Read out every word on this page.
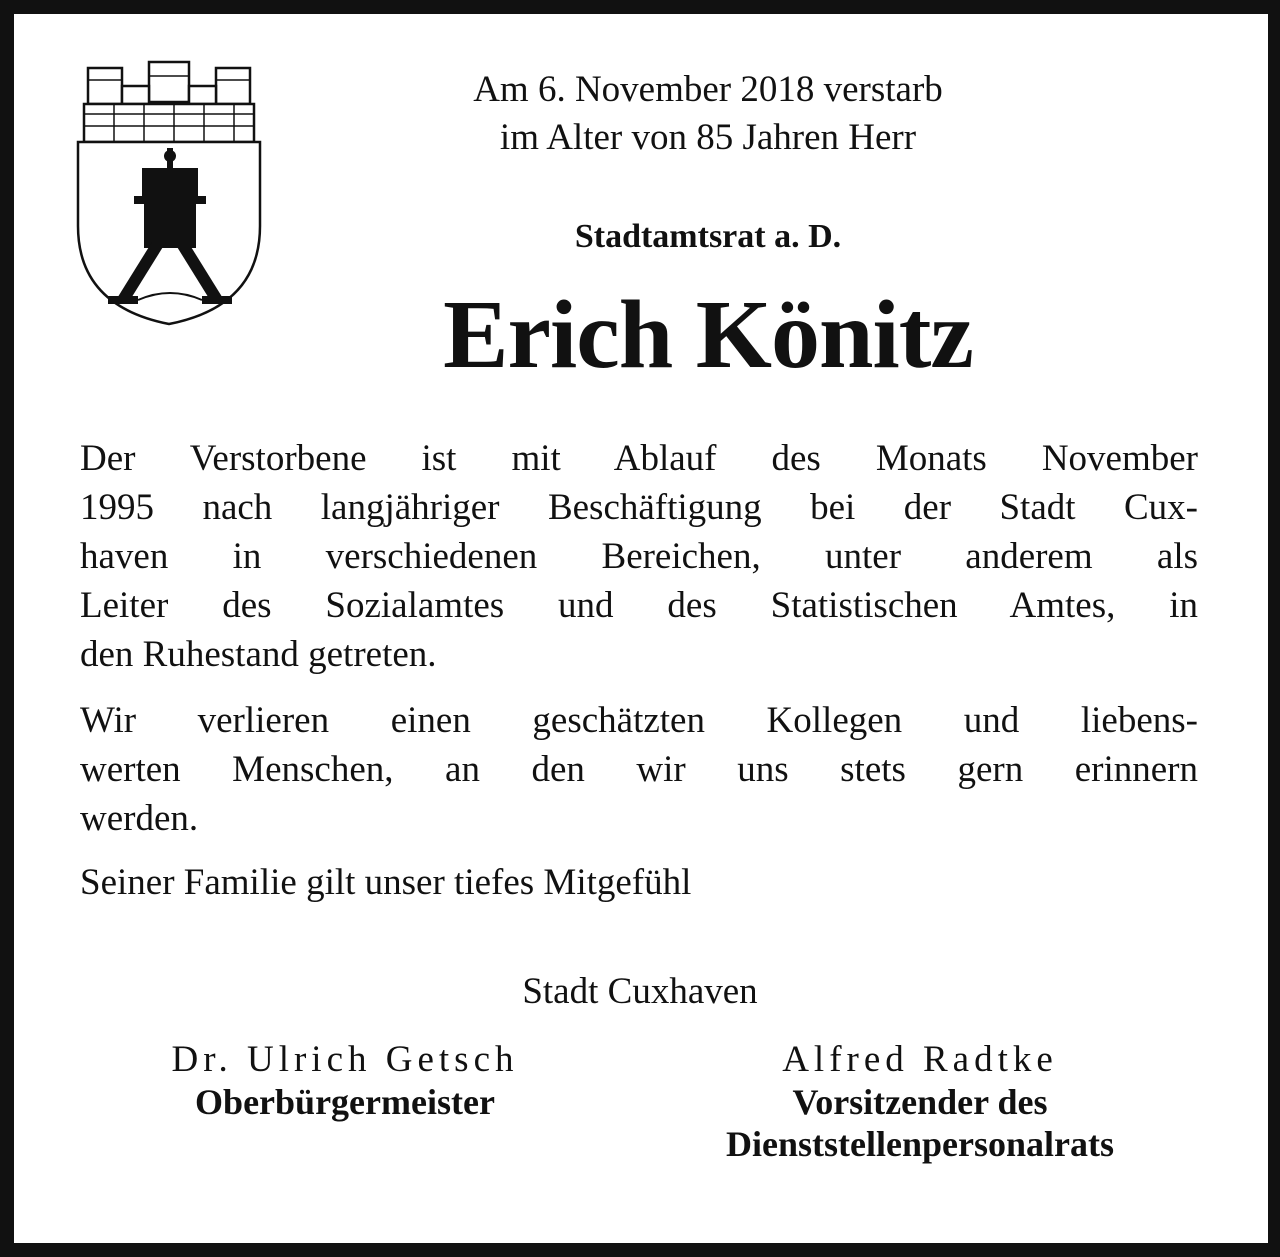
Am 6. November 2018 verstarb
im Alter von 85 Jahren Herr
Stadtamtsrat a. D.
Erich Könitz
Der Verstorbene ist mit Ablauf des Monats November
1995 nach langjähriger Beschäftigung bei der Stadt Cux-
haven in verschiedenen Bereichen, unter anderem als
Leiter des Sozialamtes und des Statistischen Amtes, in
den Ruhestand getreten.
Wir verlieren einen geschätzten Kollegen und liebens-
werten Menschen, an den wir uns stets gern erinnern
werden.
Seiner Familie gilt unser tiefes Mitgefühl
Stadt Cuxhaven
Dr. Ulrich Getsch
Oberbürgermeister
Alfred Radtke
Vorsitzender des
Dienststellenpersonalrats
